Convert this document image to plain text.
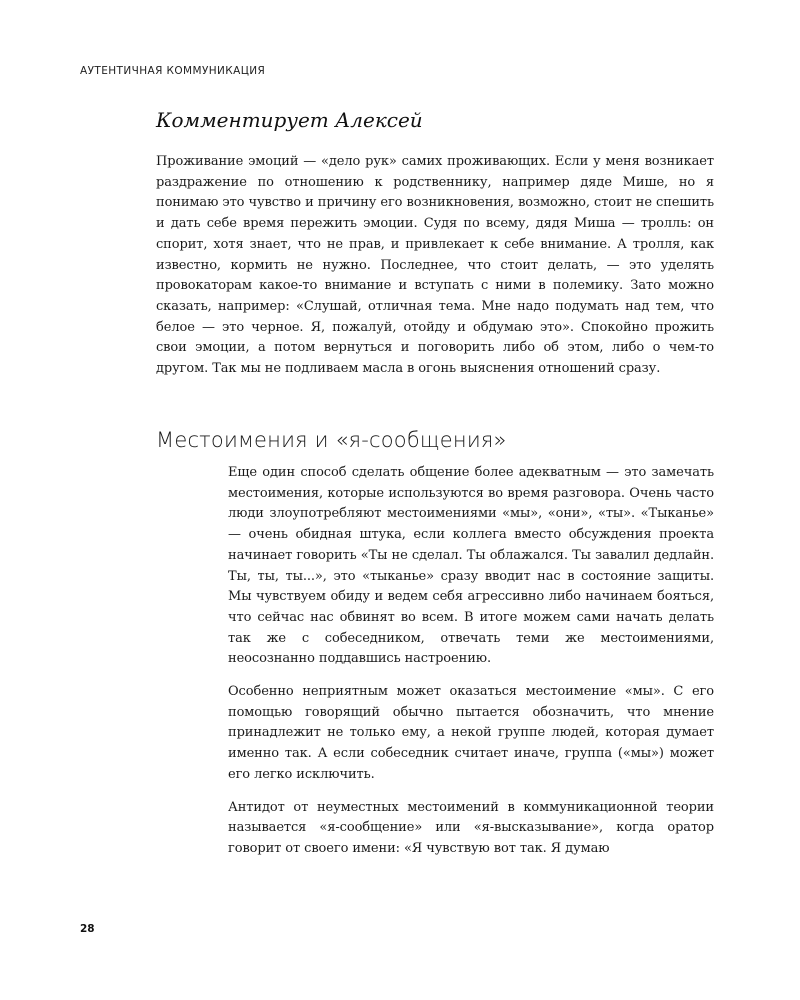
АУТЕНТИЧНАЯ КОММУНИКАЦИЯ
Комментирует Алексей

Проживание эмоций — «дело рук» самих проживающих. Если у меня возникает раздражение по отношению к родственнику, например дяде Мише, но я понимаю это чувство и причину его возникновения, возможно, стоит не спешить и дать себе время пережить эмоции. Судя по всему, дядя Миша — тролль: он спорит, хотя знает, что не прав, и привлекает к себе внимание. А тролля, как известно, кормить не нужно. Последнее, что стоит делать, — это уделять провокаторам какое-то внимание и вступать с ними в полемику. Зато можно сказать, например: «Слушай, отличная тема. Мне надо подумать над тем, что белое — это черное. Я, пожалуй, отойду и обдумаю это». Спокойно прожить свои эмоции, а потом вернуться и поговорить либо об этом, либо о чем-то другом. Так мы не подливаем масла в огонь выяснения отношений сразу.

Местоимения и «я-сообщения»

Еще один способ сделать общение более адекватным — это замечать местоимения, которые используются во время разговора. Очень часто люди злоупотребляют местоимениями «мы», «они», «ты». «Тыканье» — очень обидная штука, если коллега вместо обсуждения проекта начинает говорить «Ты не сделал. Ты облажался. Ты завалил дедлайн. Ты, ты, ты...», это «тыканье» сразу вводит нас в состояние защиты. Мы чувствуем обиду и ведем себя агрессивно либо начинаем бояться, что сейчас нас обвинят во всем. В итоге можем сами начать делать так же с собеседником, отвечать теми же местоимениями, неосознанно поддавшись настроению.

Особенно неприятным может оказаться местоимение «мы». С его помощью говорящий обычно пытается обозначить, что мнение принадлежит не только ему, а некой группе людей, которая думает именно так. А если собеседник считает иначе, группа («мы») может его легко исключить.

Антидот от неуместных местоимений в коммуникационной теории называется «я-сообщение» или «я-высказывание», когда оратор говорит от своего имени: «Я чувствую вот так. Я думаю

28
